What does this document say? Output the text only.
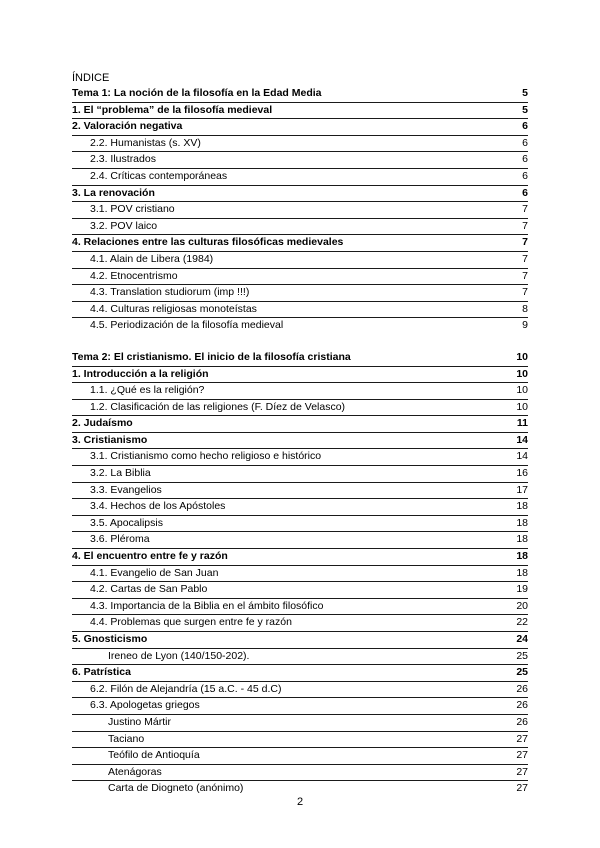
ÍNDICE
Tema 1: La noción de la filosofía en la Edad Media	5
1. El “problema” de la filosofía medieval	5
2. Valoración negativa	6
2.2. Humanistas (s. XV)	6
2.3. Ilustrados	6
2.4. Críticas contemporáneas	6
3. La renovación	6
3.1. POV cristiano	7
3.2. POV laico	7
4. Relaciones entre las culturas filosóficas medievales	7
4.1. Alain de Libera (1984)	7
4.2. Etnocentrismo	7
4.3. Translation studiorum (imp !!!)	7
4.4. Culturas religiosas monoteístas	8
4.5. Periodización de la filosofía medieval	9
Tema 2: El cristianismo. El inicio de la filosofía cristiana	10
1. Introducción a la religión	10
1.1. ¿Qué es la religión?	10
1.2. Clasificación de las religiones (F. Díez de Velasco)	10
2. Judaísmo	11
3. Cristianismo	14
3.1. Cristianismo como hecho religioso e histórico	14
3.2. La Biblia	16
3.3. Evangelios	17
3.4. Hechos de los Apóstoles	18
3.5. Apocalipsis	18
3.6. Pléroma	18
4. El encuentro entre fe y razón	18
4.1. Evangelio de San Juan	18
4.2. Cartas de San Pablo	19
4.3. Importancia de la Biblia en el ámbito filosófico	20
4.4. Problemas que surgen entre fe y razón	22
5. Gnosticismo	24
Ireneo de Lyon (140/150-202).	25
6. Patrística	25
6.2. Filón de Alejandría (15 a.C. - 45 d.C)	26
6.3. Apologetas griegos	26
Justino Mártir	26
Taciano	27
Teófilo de Antioquía	27
Atenágoras	27
Carta de Diogneto (anónimo)	27
2
